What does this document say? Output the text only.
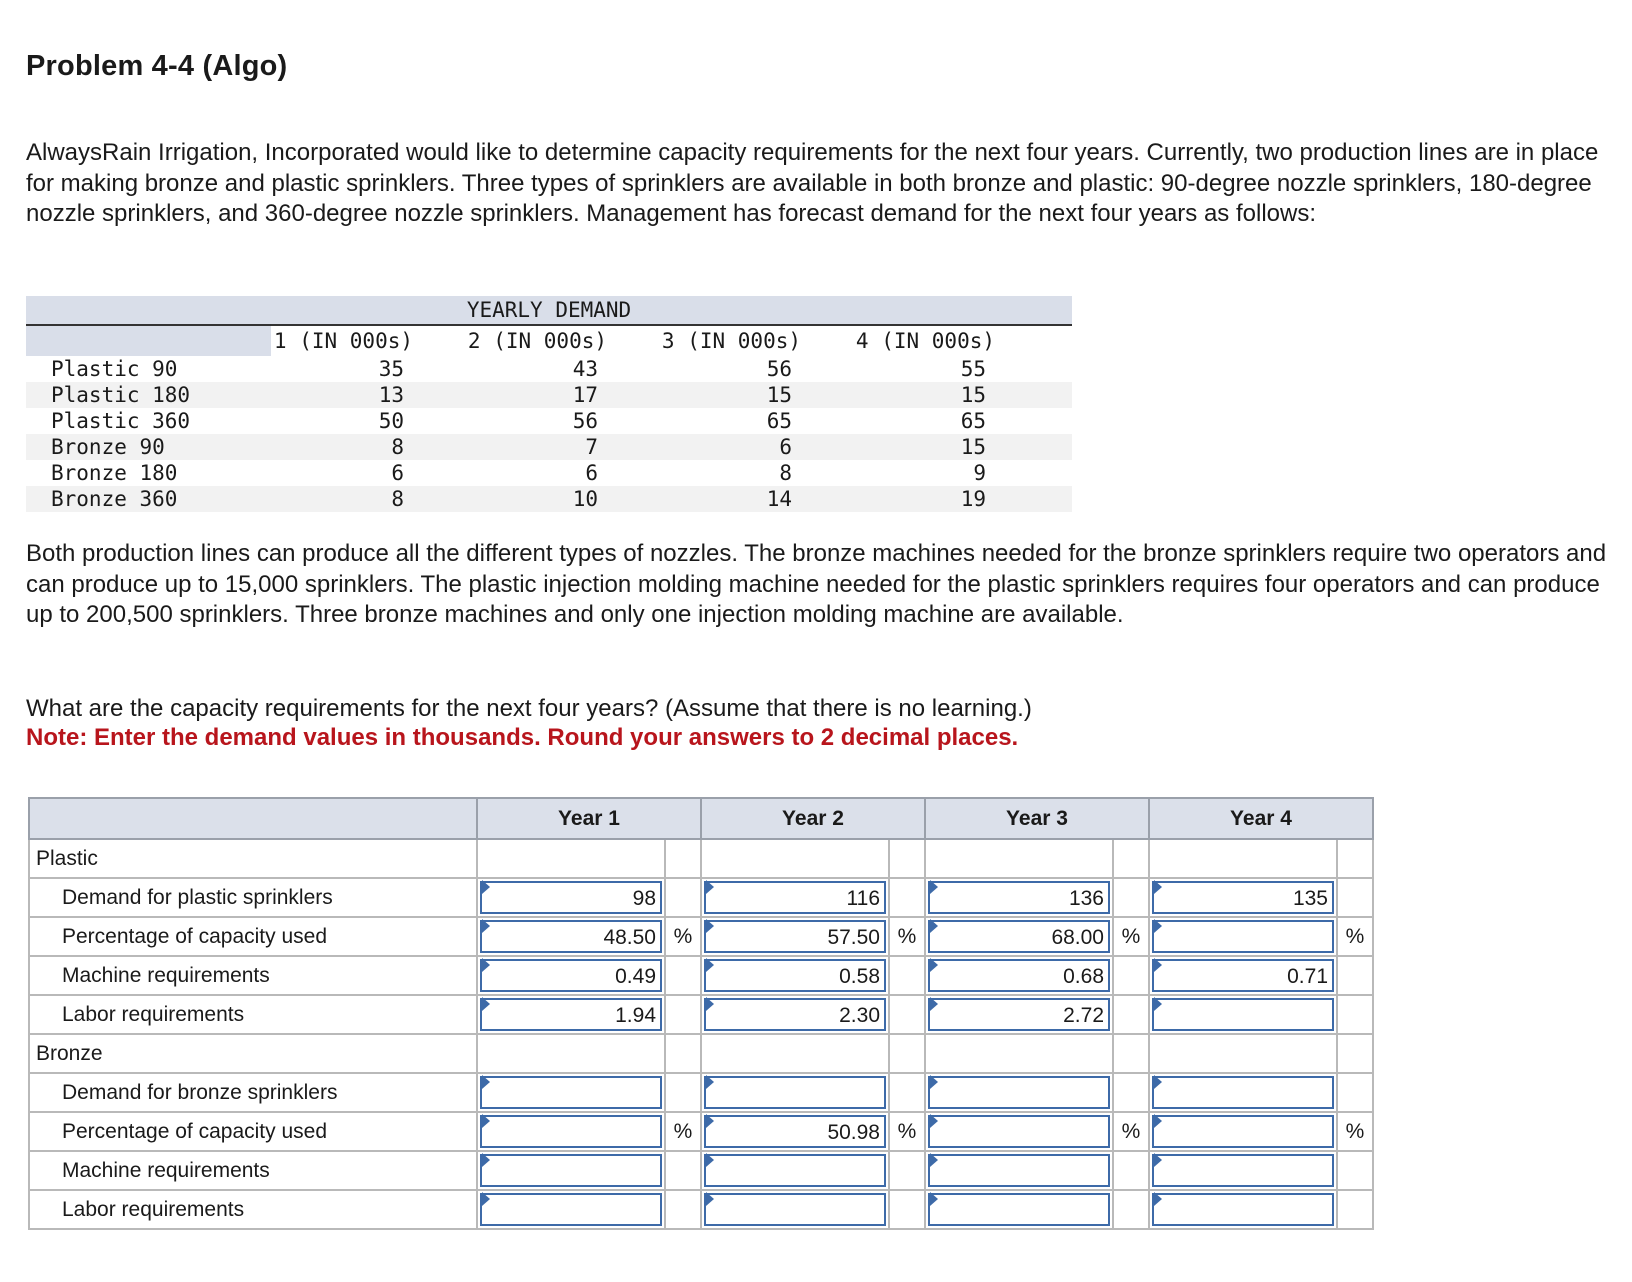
Problem 4-4 (Algo)

AlwaysRain Irrigation, Incorporated would like to determine capacity requirements for the next four years. Currently, two production lines are in place for making bronze and plastic sprinklers. Three types of sprinklers are available in both bronze and plastic: 90-degree nozzle sprinklers, 180-degree nozzle sprinklers, and 360-degree nozzle sprinklers. Management has forecast demand for the next four years as follows:

YEARLY DEMAND
1 (IN 000s)	2 (IN 000s)	3 (IN 000s)	4 (IN 000s)
Plastic 90	35	43	56	55
Plastic 180	13	17	15	15
Plastic 360	50	56	65	65
Bronze 90	8	7	6	15
Bronze 180	6	6	8	9
Bronze 360	8	10	14	19

Both production lines can produce all the different types of nozzles. The bronze machines needed for the bronze sprinklers require two operators and can produce up to 15,000 sprinklers. The plastic injection molding machine needed for the plastic sprinklers requires four operators and can produce up to 200,500 sprinklers. Three bronze machines and only one injection molding machine are available.

What are the capacity requirements for the next four years? (Assume that there is no learning.)

Note: Enter the demand values in thousands. Round your answers to 2 decimal places.

	Year 1		Year 2		Year 3		Year 4	
Plastic								
Demand for plastic sprinklers	98		116		136		135	

Percentage of capacity used	48.50	%	57.50	%	68.00	%		%
Machine requirements	0.49		0.58		0.68		0.71	

Labor requirements	1.94		2.30		2.72			

Bronze								
Demand for bronze sprinklers	

Percentage of capacity used		%	50.98	%		%		%
Machine requirements	

Labor requirements	
